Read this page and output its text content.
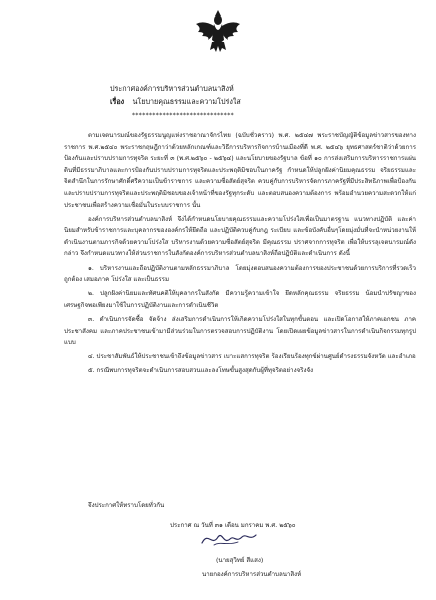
ประกาศองค์การบริหารส่วนตำบลนาสิงห์
เรื่อง นโยบายคุณธรรมและความโปร่งใส
******************************

ตามเจตนารมณ์ของรัฐธรรมนูญแห่งราชอาณาจักรไทย (ฉบับชั่วคราว) พ.ศ. ๒๕๔๗ พระราชบัญญัติข้อมูลข่าวสารของทางราชการ พ.ศ.๒๕๔๐ พระราชกฤษฎีกาว่าด้วยหลักเกณฑ์และวิธีการบริหารกิจการบ้านเมืองที่ดี พ.ศ. ๒๕๔๖ ยุทธศาสตร์ชาติว่าด้วยการป้องกันและปราบปรามการทุจริต ระยะที่ ๓ (พ.ศ.๒๕๖๐ - ๒๕๖๔) และนโยบายของรัฐบาล ข้อที่ ๑๐ การส่งเสริมการบริหารราชการแผ่นดินที่มีธรรมาภิบาลและการป้องกันปราบปรามการทุจริตและประพฤติมิชอบในภาครัฐ กำหนดให้ปลูกฝังค่านิยมคุณธรรม จริยธรรมและจิตสำนึกในการรักษาศักดิ์ศรีความเป็นข้าราชการ และความซื่อสัตย์สุจริต ควบคู่กับการบริหารจัดการภาครัฐที่มีประสิทธิภาพเพื่อป้องกันและปราบปรามการทุจริตและประพฤติมิชอบของเจ้าหน้าที่ของรัฐทุกระดับ และตอบสนองความต้องการ พร้อมอำนวยความสะดวกให้แก่ประชาชนเพื่อสร้างความเชื่อมั่นในระบบราชการ นั้น

องค์การบริหารส่วนตำบลนาสิงห์ จึงได้กำหนดนโยบายคุณธรรมและความโปร่งใสเพื่อเป็นมาตรฐาน แนวทางปฏิบัติ และค่านิยมสำหรับข้าราชการและบุคลากรขององค์กรให้ยึดถือ และปฏิบัติควบคู่กับกฎ ระเบียบ และข้อบังคับอื่นๆโดยมุ่งมั่นที่จะนำหน่วยงานให้ดำเนินงานตามภารกิจด้วยความโปร่งใส บริหารงานด้วยความซื่อสัตย์สุจริต มีคุณธรรม ปราศจากการทุจริต เพื่อให้บรรลุเจตนารมณ์ดังกล่าว จึงกำหนดแนวทางให้ส่วนราชการในสังกัดองค์การบริหารส่วนตำบลนาสิงห์ถือปฏิบัติและดำเนินการ ดังนี้

๑. บริหารงานและถือปฏิบัติงานตามหลักธรรมาภิบาล โดยมุ่งตอบสนองความต้องการของประชาชนด้วยการบริการที่รวดเร็ว ถูกต้อง เสมอภาค โปร่งใส และเป็นธรรม

๒. ปลูกฝังค่านิยมและทัศนคติให้บุคลากรในสังกัด มีความรู้ความเข้าใจ ยึดหลักคุณธรรม จริยธรรม น้อมนำปรัชญาของเศรษฐกิจพอเพียงมาใช้ในการปฏิบัติงานและการดำเนินชีวิต

๓. ดำเนินการจัดซื้อ จัดจ้าง ส่งเสริมการดำเนินการให้เกิดความโปร่งใสในทุกขั้นตอน และเปิดโอกาสให้ภาคเอกชน ภาคประชาสังคม และภาคประชาชนเข้ามามีส่วนร่วมในการตรวจสอบการปฏิบัติงาน โดยเปิดเผยข้อมูลข่าวสารในการดำเนินกิจกรรมทุกรูปแบบ

๔. ประชาสัมพันธ์ให้ประชาชนเข้าถึงข้อมูลข่าวสาร เบาะแสการทุจริต ร้องเรียนร้องทุกข์ผ่านศูนย์ดำรงธรรมจังหวัด และอำเภอ

๕. กรณีพบการทุจริตจะดำเนินการสอบสวนและลงโทษขั้นสูงสุดกับผู้ที่ทุจริตอย่างจริงจัง

จึงประกาศให้ทราบโดยทั่วกัน
ประกาศ ณ วันที่ ๓๑ เดือน มกราคม พ.ศ. ๒๕๖๐
(นายสุวิทย์ สีแสง)
นายกองค์การบริหารส่วนตำบลนาสิงห์
